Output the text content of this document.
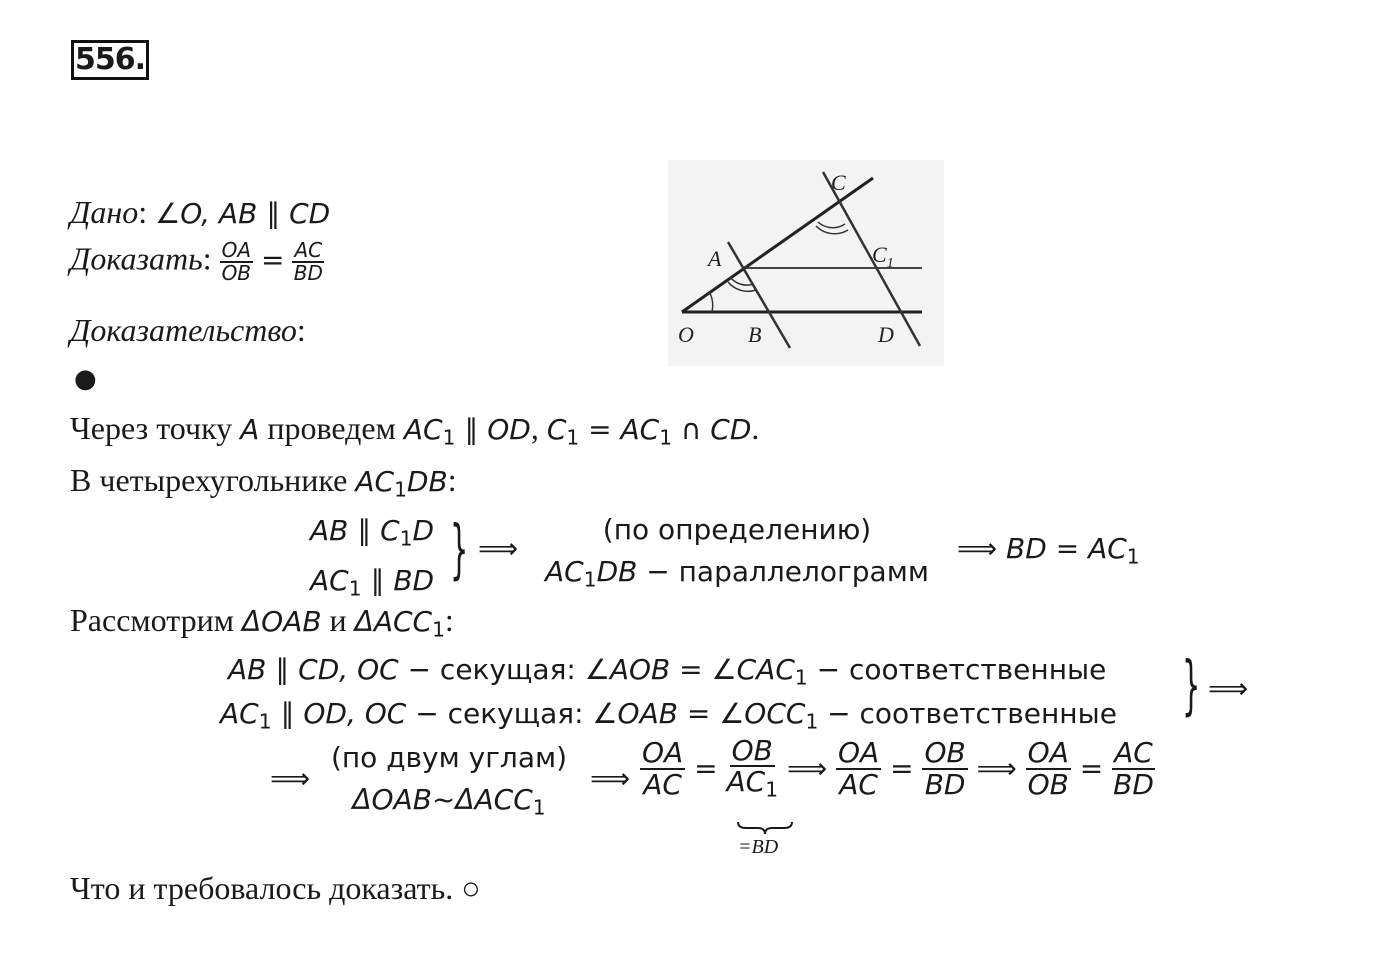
556.
Дано: ∠O, AB ∥ CD
Доказать: $\frac{OA}{OB} = \frac{AC}{BD}$
Доказательство:
●
C
A	$C_1$
O B	D
Через точку A проведем $AC_1$ ∥ OD, $C_1 = AC_1$ ∩ CD.
В четырехугольнике $AC_1DB$:
AB ∥ $C_1D$
$AC_1$ ∥ BD } ⟹
(по определению)
$AC_1DB$ − параллелограмм
⟹ BD = $AC_1$
Рассмотрим ΔOAB и $\Delta ACC_1$:
AB ∥ CD, OC − секущая: ∠AOB = $\angle CAC_1$ − соответственные
$AC_1$ ∥ OD, OC − секущая: ∠OAB = $\angle OCC_1$ − соответственные } ⟹
⟹
(по двум углам)
$\Delta OAB\sim\Delta ACC_1$
⟹ $\frac{OA}{AC} = \frac{OB}{AC_1}$ ⟹ $\frac{OA}{AC} = \frac{OB}{BD}$ ⟹ $\frac{OA}{OB} = \frac{AC}{BD}$
=BD
Что и требовалось доказать. ○
